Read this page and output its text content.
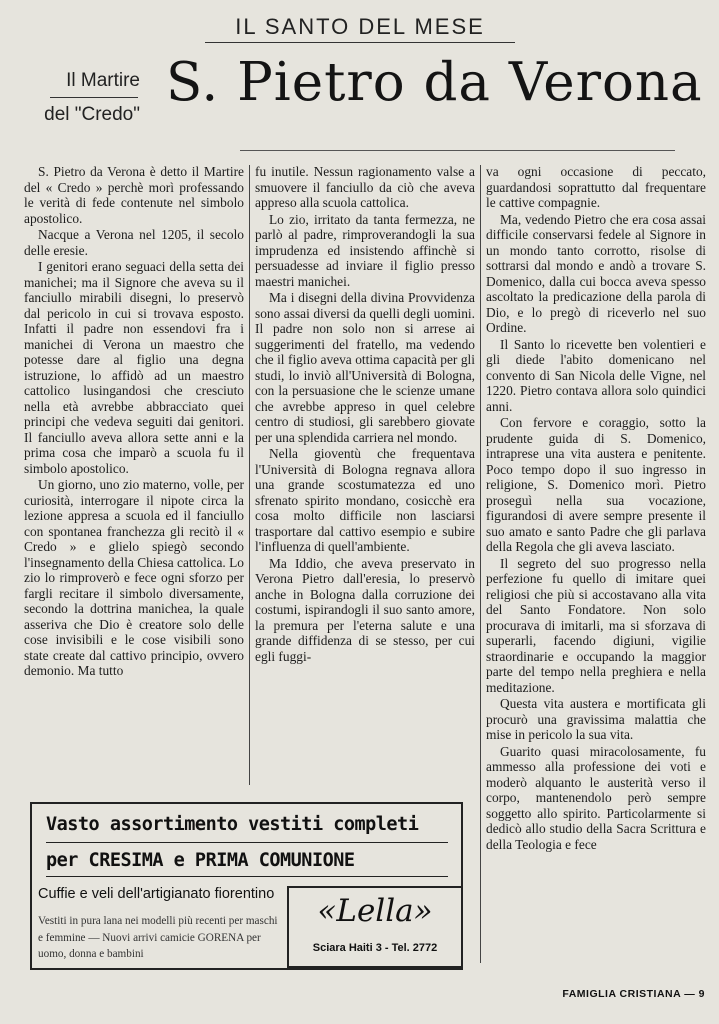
IL SANTO DEL MESE
Il Martire
del "Credo"
S. Pietro da Verona

S. Pietro da Verona è detto il Martire del « Credo » perchè morì professando le verità di fede contenute nel simbolo apostolico.

Nacque a Verona nel 1205, il secolo delle eresie.

I genitori erano seguaci della setta dei manichei; ma il Signore che aveva su il fanciullo mirabili disegni, lo preservò dal pericolo in cui si trovava esposto. Infatti il padre non essendovi fra i manichei di Verona un maestro che potesse dare al figlio una degna istruzione, lo affidò ad un maestro cattolico lusingandosi che cresciuto nella età avrebbe abbracciato quei principi che vedeva seguiti dai genitori. Il fanciullo aveva allora sette anni e la prima cosa che imparò a scuola fu il simbolo apostolico.

Un giorno, uno zio materno, volle, per curiosità, interrogare il nipote circa la lezione appresa a scuola ed il fanciullo con spontanea franchezza gli recitò il « Credo » e glielo spiegò secondo l'insegnamento della Chiesa cattolica. Lo zio lo rimproverò e fece ogni sforzo per fargli recitare il simbolo diversamente, secondo la dottrina manichea, la quale asseriva che Dio è creatore solo delle cose invisibili e le cose visibili sono state create dal cattivo principio, ovvero demonio. Ma tutto

fu inutile. Nessun ragionamento valse a smuovere il fanciullo da ciò che aveva appreso alla scuola cattolica.

Lo zio, irritato da tanta fermezza, ne parlò al padre, rimproverandogli la sua imprudenza ed insistendo affinchè si persuadesse ad inviare il figlio presso maestri manichei.

Ma i disegni della divina Provvidenza sono assai diversi da quelli degli uomini. Il padre non solo non si arrese ai suggerimenti del fratello, ma vedendo che il figlio aveva ottima capacità per gli studi, lo inviò all'Università di Bologna, con la persuasione che le scienze umane che avrebbe appreso in quel celebre centro di studiosi, gli sarebbero giovate per una splendida carriera nel mondo.

Nella gioventù che frequentava l'Università di Bologna regnava allora una grande scostumatezza ed uno sfrenato spirito mondano, cosicchè era cosa molto difficile non lasciarsi trasportare dal cattivo esempio e subire l'influenza di quell'ambiente.

Ma Iddio, che aveva preservato in Verona Pietro dall'eresia, lo preservò anche in Bologna dalla corruzione dei costumi, ispirandogli il suo santo amore, la premura per l'eterna salute e una grande diffidenza di se stesso, per cui egli fuggi-

va ogni occasione di peccato, guardandosi soprattutto dal frequentare le cattive compagnie.

Ma, vedendo Pietro che era cosa assai difficile conservarsi fedele al Signore in un mondo tanto corrotto, risolse di sottrarsi dal mondo e andò a trovare S. Domenico, dalla cui bocca aveva spesso ascoltato la predicazione della parola di Dio, e lo pregò di riceverlo nel suo Ordine.

Il Santo lo ricevette ben volentieri e gli diede l'abito domenicano nel convento di San Nicola delle Vigne, nel 1220. Pietro contava allora solo quindici anni.

Con fervore e coraggio, sotto la prudente guida di S. Domenico, intraprese una vita austera e penitente. Poco tempo dopo il suo ingresso in religione, S. Domenico morì. Pietro proseguì nella sua vocazione, figurandosi di avere sempre presente il suo amato e santo Padre che gli parlava della Regola che gli aveva lasciato.

Il segreto del suo progresso nella perfezione fu quello di imitare quei religiosi che più si accostavano alla vita del Santo Fondatore. Non solo procurava di imitarli, ma si sforzava di superarli, facendo digiuni, vigilie straordinarie e occupando la maggior parte del tempo nella preghiera e nella meditazione.

Questa vita austera e mortificata gli procurò una gravissima malattia che mise in pericolo la sua vita.

Guarito quasi miracolosamente, fu ammesso alla professione dei voti e moderò alquanto le austerità verso il corpo, mantenendolo però sempre soggetto allo spirito. Particolarmente si dedicò allo studio della Sacra Scrittura e della Teologia e fece

Vasto assortimento vestiti completi
per CRESIMA e PRIMA COMUNIONE
Cuffie e veli dell'artigianato fiorentino
Vestiti in pura lana nei modelli più recenti per maschi e femmine — Nuovi arrivi camicie GORENA per uomo, donna e bambini
«Lella»
Sciara Haiti 3 - Tel. 2772
FAMIGLIA CRISTIANA — 9
